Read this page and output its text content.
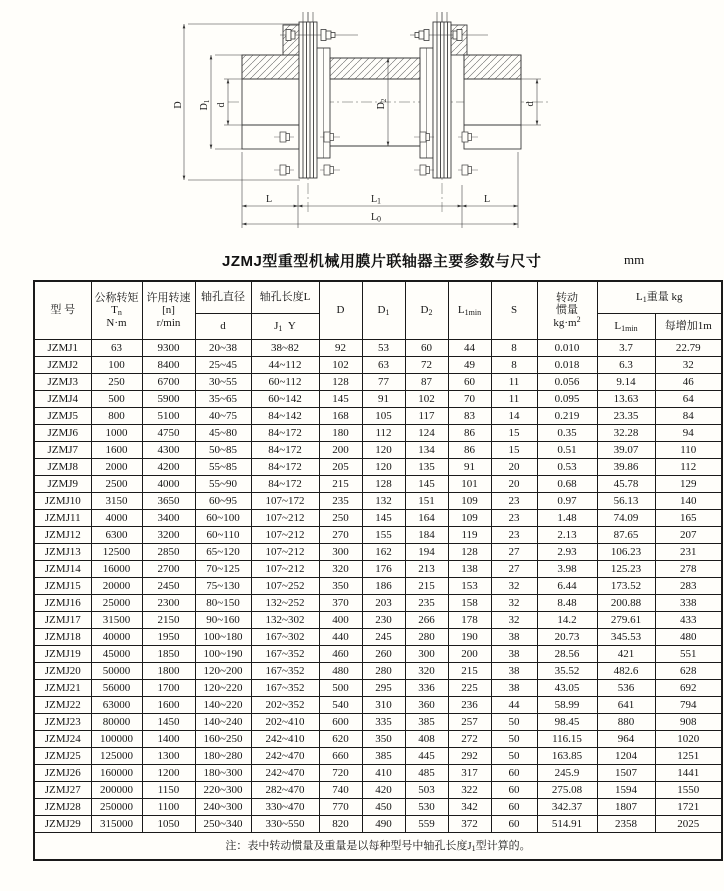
D $D_1$
d	$D_2$
d
L	L1	L
L0
JZMJ型重型机械用膜片联轴器主要参数与尺寸	mm
型 号	公称转矩
$T_n$
N·m	许用转速
[n]
r/min	轴孔直径	轴孔长度L	D	$D_1$	$D_2$	$L_{1min}$	S	转动
惯量
$kg\cdot m^2$	$L_1$重量 kg	
			d	$J_1$ Y							$L_{1min}$	每增加1m
JZMJ1	63	9300	20~38	38~82	92	53	60	44	8	0.010	3.7	22.79
JZMJ2	100	8400	25~45	44~112	102	63	72	49	8	0.018	6.3	32
JZMJ3	250	6700	30~55	60~112	128	77	87	60	11	0.056	9.14	46
JZMJ4	500	5900	35~65	60~142	145	91	102	70	11	0.095	13.63	64
JZMJ5	800	5100	40~75	84~142	168	105	117	83	14	0.219	23.35	84
JZMJ6	1000	4750	45~80	84~172	180	112	124	86	15	0.35	32.28	94
JZMJ7	1600	4300	50~85	84~172	200	120	134	86	15	0.51	39.07	110
JZMJ8	2000	4200	55~85	84~172	205	120	135	91	20	0.53	39.86	112
JZMJ9	2500	4000	55~90	84~172	215	128	145	101	20	0.68	45.78	129
JZMJ10	3150	3650	60~95	107~172	235	132	151	109	23	0.97	56.13	140
JZMJ11	4000	3400	60~100	107~212	250	145	164	109	23	1.48	74.09	165
JZMJ12	6300	3200	60~110	107~212	270	155	184	119	23	2.13	87.65	207
JZMJ13	12500	2850	65~120	107~212	300	162	194	128	27	2.93	106.23	231
JZMJ14	16000	2700	70~125	107~212	320	176	213	138	27	3.98	125.23	278
JZMJ15	20000	2450	75~130	107~252	350	186	215	153	32	6.44	173.52	283
JZMJ16	25000	2300	80~150	132~252	370	203	235	158	32	8.48	200.88	338
JZMJ17	31500	2150	90~160	132~302	400	230	266	178	32	14.2	279.61	433
JZMJ18	40000	1950	100~180	167~302	440	245	280	190	38	20.73	345.53	480
JZMJ19	45000	1850	100~190	167~352	460	260	300	200	38	28.56	421	551
JZMJ20	50000	1800	120~200	167~352	480	280	320	215	38	35.52	482.6	628
JZMJ21	56000	1700	120~220	167~352	500	295	336	225	38	43.05	536	692
JZMJ22	63000	1600	140~220	202~352	540	310	360	236	44	58.99	641	794
JZMJ23	80000	1450	140~240	202~410	600	335	385	257	50	98.45	880	908
JZMJ24	100000	1400	160~250	242~410	620	350	408	272	50	116.15	964	1020
JZMJ25	125000	1300	180~280	242~470	660	385	445	292	50	163.85	1204	1251
JZMJ26	160000	1200	180~300	242~470	720	410	485	317	60	245.9	1507	1441
JZMJ27	200000	1150	220~300	282~470	740	420	503	322	60	275.08	1594	1550
JZMJ28	250000	1100	240~300	330~470	770	450	530	342	60	342.37	1807	1721
JZMJ29	315000	1050	250~340	330~550	820	490	559	372	60	514.91	2358	2025
注：表中转动惯量及重量是以每种型号中轴孔长度$J_1$型计算的。												
